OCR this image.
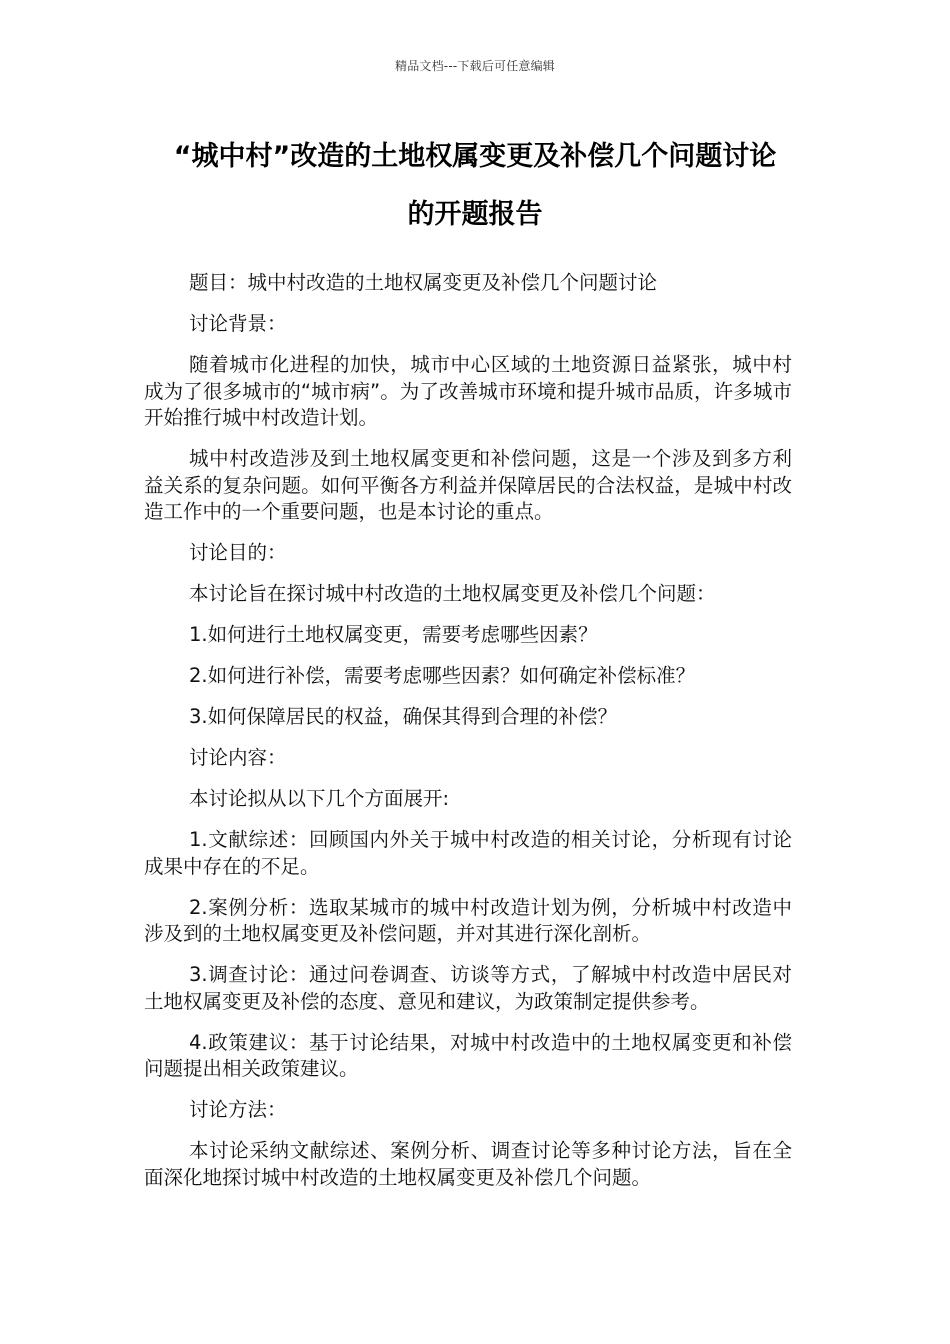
精品文档---下载后可任意编辑
“城中村”改造的土地权属变更及补偿几个问题讨论
的开题报告

题目：城中村改造的土地权属变更及补偿几个问题讨论

讨论背景：

随着城市化进程的加快，城市中心区域的土地资源日益紧张，城中村成为了很多城市的“城市病”。为了改善城市环境和提升城市品质，许多城市开始推行城中村改造计划。

城中村改造涉及到土地权属变更和补偿问题，这是一个涉及到多方利益关系的复杂问题。如何平衡各方利益并保障居民的合法权益，是城中村改造工作中的一个重要问题，也是本讨论的重点。

讨论目的：

本讨论旨在探讨城中村改造的土地权属变更及补偿几个问题：

1.如何进行土地权属变更，需要考虑哪些因素？

2.如何进行补偿，需要考虑哪些因素？如何确定补偿标准？

3.如何保障居民的权益，确保其得到合理的补偿？

讨论内容：

本讨论拟从以下几个方面展开:

1.文献综述：回顾国内外关于城中村改造的相关讨论，分析现有讨论成果中存在的不足。

2.案例分析：选取某城市的城中村改造计划为例，分析城中村改造中涉及到的土地权属变更及补偿问题，并对其进行深化剖析。

3.调查讨论：通过问卷调查、访谈等方式，了解城中村改造中居民对土地权属变更及补偿的态度、意见和建议，为政策制定提供参考。

4.政策建议：基于讨论结果，对城中村改造中的土地权属变更和补偿问题提出相关政策建议。

讨论方法：

本讨论采纳文献综述、案例分析、调查讨论等多种讨论方法，旨在全面深化地探讨城中村改造的土地权属变更及补偿几个问题。
